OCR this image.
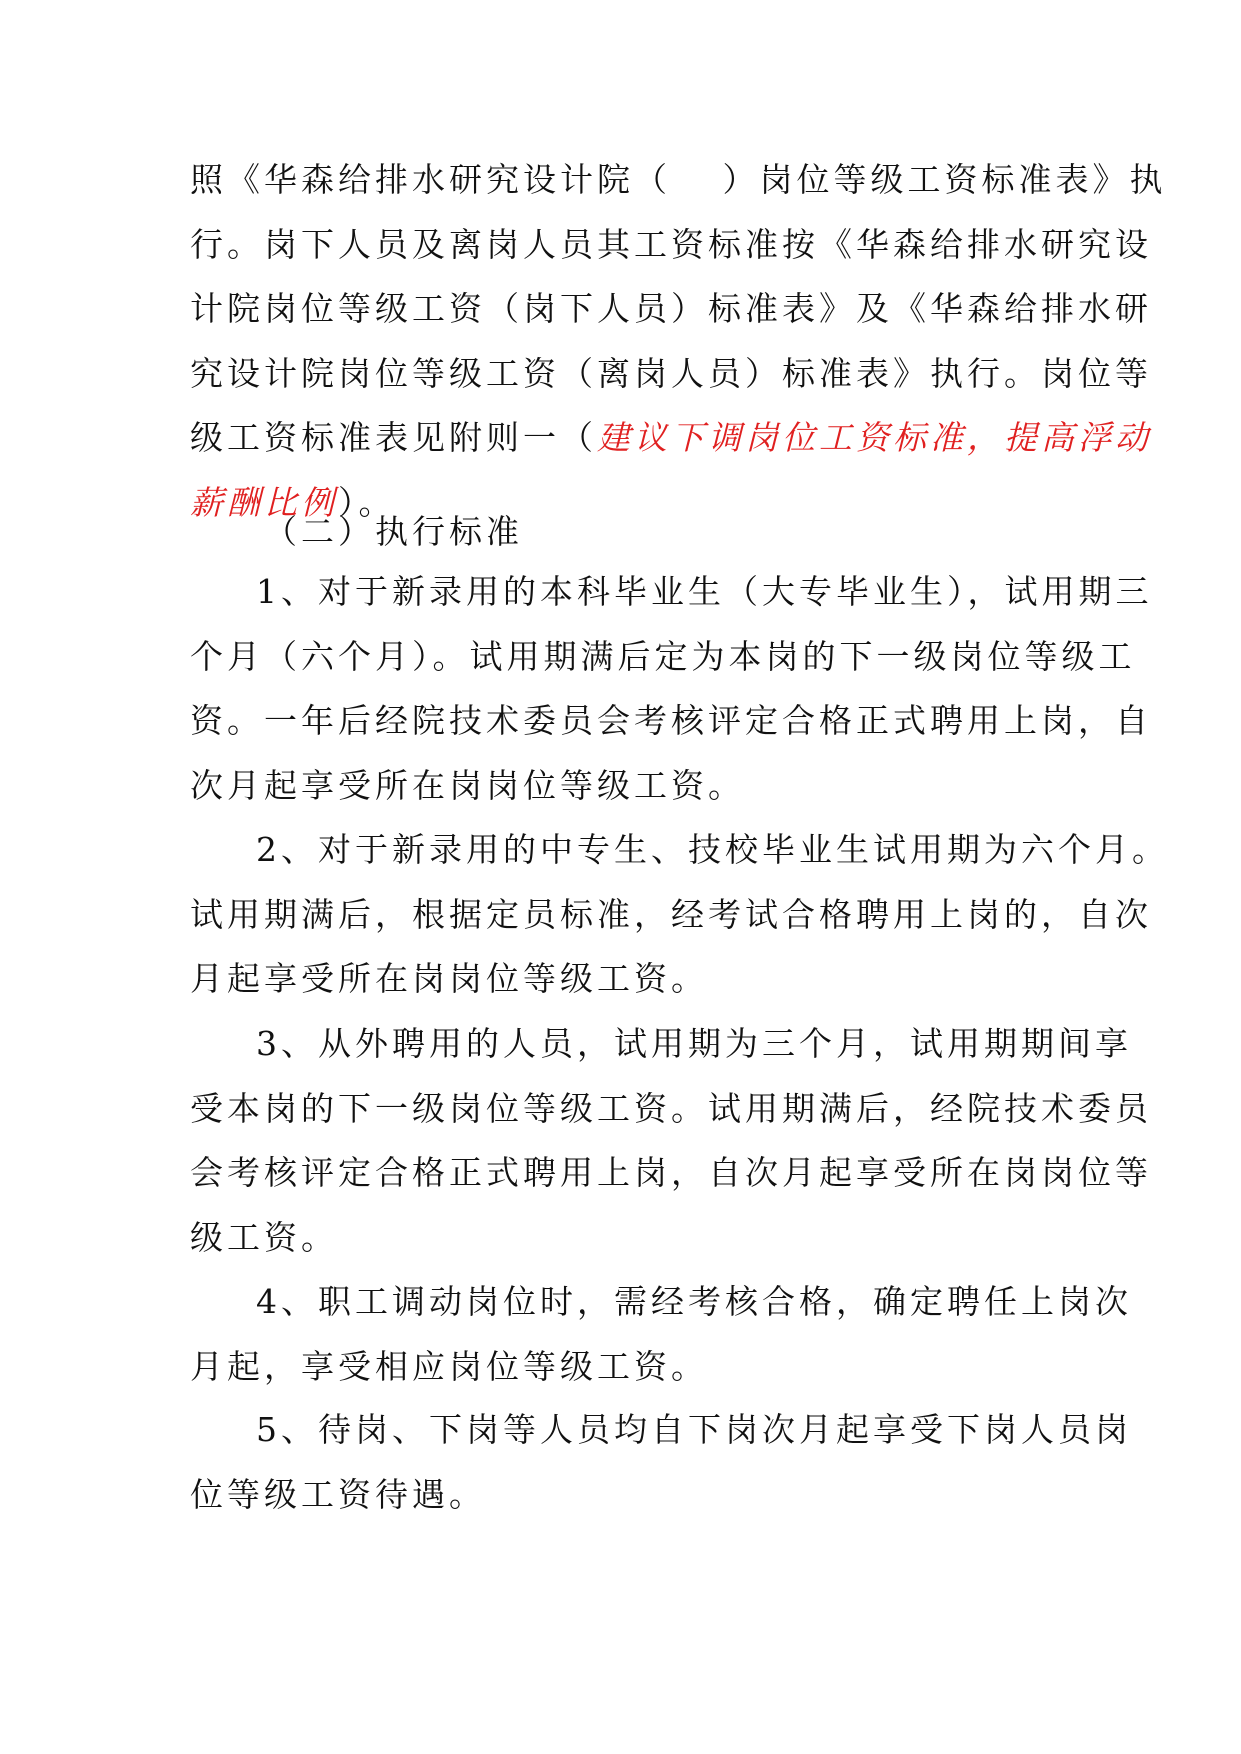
照《华森给排水研究设计院（　 ）岗位等级工资标准表》执
行。岗下人员及离岗人员其工资标准按《华森给排水研究设
计院岗位等级工资（岗下人员）标准表》及《华森给排水研
究设计院岗位等级工资（离岗人员）标准表》执行。岗位等
级工资标准表见附则一（建议下调岗位工资标准，提高浮动
薪酬比例）。
（二）执行标准
1、对于新录用的本科毕业生（大专毕业生），试用期三
个月（六个月）。试用期满后定为本岗的下一级岗位等级工
资。一年后经院技术委员会考核评定合格正式聘用上岗，自
次月起享受所在岗岗位等级工资。
2、对于新录用的中专生、技校毕业生试用期为六个月。
试用期满后，根据定员标准，经考试合格聘用上岗的，自次
月起享受所在岗岗位等级工资。
3、从外聘用的人员，试用期为三个月，试用期期间享
受本岗的下一级岗位等级工资。试用期满后，经院技术委员
会考核评定合格正式聘用上岗，自次月起享受所在岗岗位等
级工资。
4、职工调动岗位时，需经考核合格，确定聘任上岗次
月起，享受相应岗位等级工资。
5、待岗、下岗等人员均自下岗次月起享受下岗人员岗
位等级工资待遇。
